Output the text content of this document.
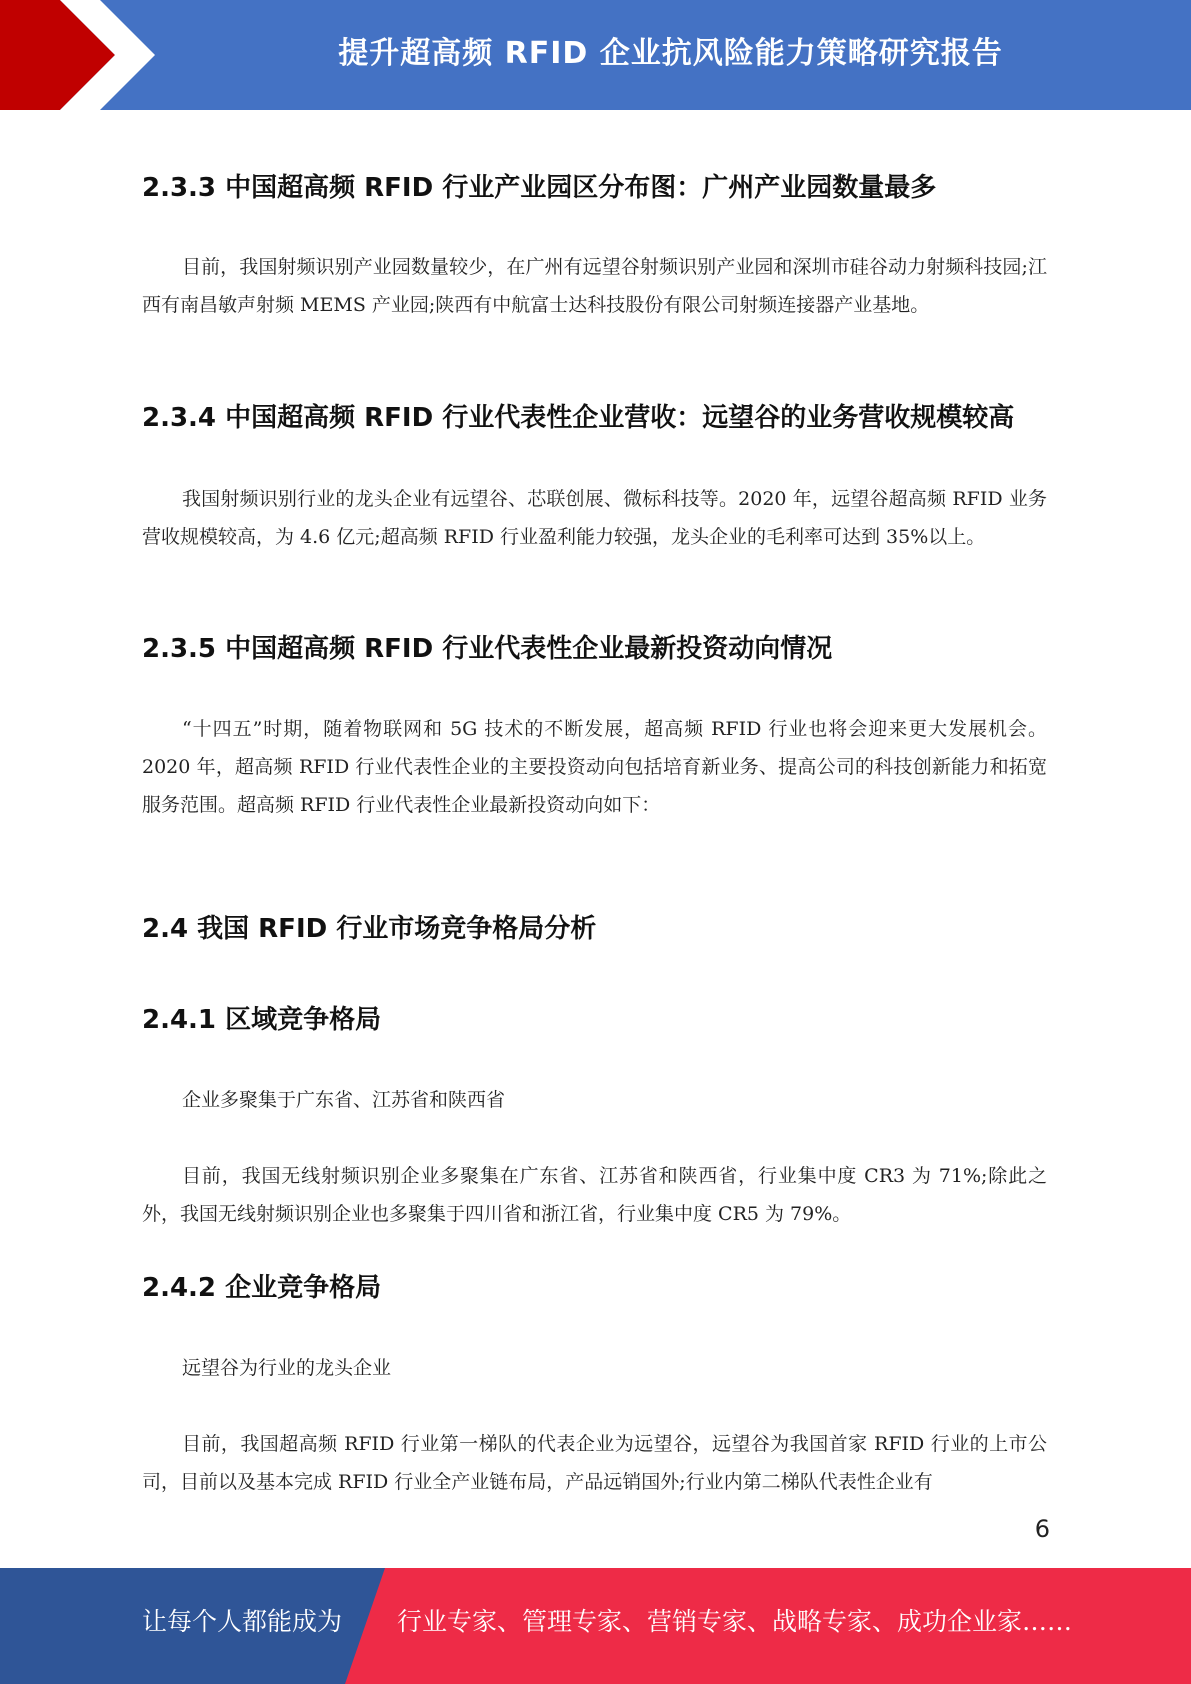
提升超高频 RFID 企业抗风险能力策略研究报告
2.3.3 中国超高频 RFID 行业产业园区分布图：广州产业园数量最多

目前，我国射频识别产业园数量较少，在广州有远望谷射频识别产业园和深圳市硅谷动力射频科技园;江西有南昌敏声射频 MEMS 产业园;陕西有中航富士达科技股份有限公司射频连接器产业基地。

2.3.4 中国超高频 RFID 行业代表性企业营收：远望谷的业务营收规模较高

我国射频识别行业的龙头企业有远望谷、芯联创展、微标科技等。2020 年，远望谷超高频 RFID 业务营收规模较高，为 4.6 亿元;超高频 RFID 行业盈利能力较强，龙头企业的毛利率可达到 35%以上。

2.3.5 中国超高频 RFID 行业代表性企业最新投资动向情况

“十四五”时期，随着物联网和 5G 技术的不断发展，超高频 RFID 行业也将会迎来更大发展机会。2020 年，超高频 RFID 行业代表性企业的主要投资动向包括培育新业务、提高公司的科技创新能力和拓宽服务范围。超高频 RFID 行业代表性企业最新投资动向如下：

2.4 我国 RFID 行业市场竞争格局分析
2.4.1 区域竞争格局

企业多聚集于广东省、江苏省和陕西省

目前，我国无线射频识别企业多聚集在广东省、江苏省和陕西省，行业集中度 CR3 为 71%;除此之外，我国无线射频识别企业也多聚集于四川省和浙江省，行业集中度 CR5 为 79%。

2.4.2 企业竞争格局

远望谷为行业的龙头企业

目前，我国超高频 RFID 行业第一梯队的代表企业为远望谷，远望谷为我国首家 RFID 行业的上市公司，目前以及基本完成 RFID 行业全产业链布局，产品远销国外;行业内第二梯队代表性企业有

6
让每个人都能成为 行业专家、管理专家、营销专家、战略专家、成功企业家……
